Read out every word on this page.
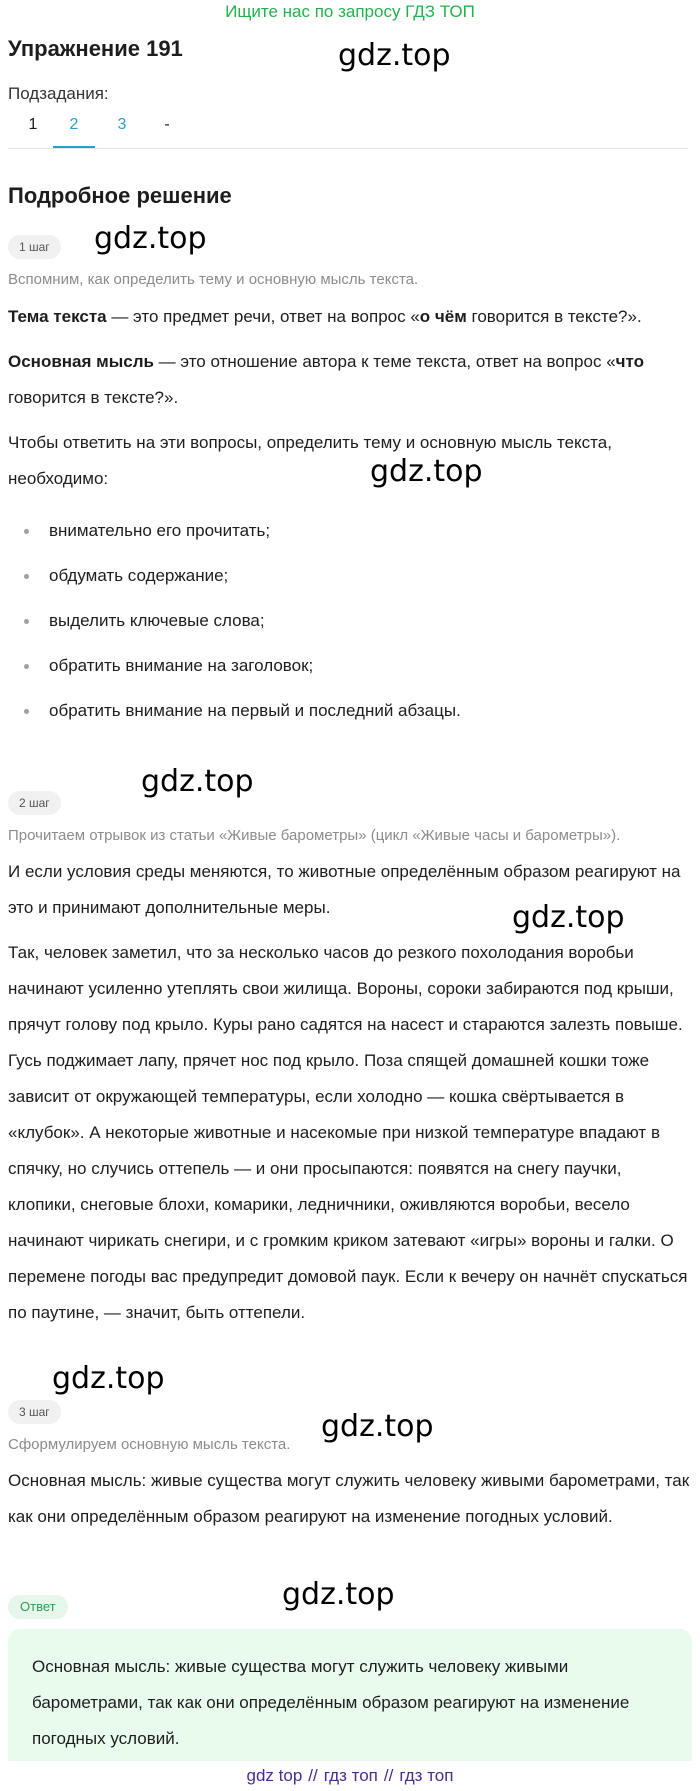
Ищите нас по запросу ГДЗ ТОП
Упражнение 191	gdz.top
Подзадания:
1	2	3	-
Подробное решение
1 шаг	gdz.top
Вспомним, как определить тему и основную мысль текста.

Тема текста — это предмет речи, ответ на вопрос «о чём говорится в тексте?».

Основная мысль — это отношение автора к теме текста, ответ на вопрос «что говорится в тексте?».

Чтобы ответить на эти вопросы, определить тему и основную мысль текста, необходимо:	gdz.top
внимательно его прочитать;
обдумать содержание;
выделить ключевые слова;
обратить внимание на заголовок;
обратить внимание на первый и последний абзацы.
2 шаг
gdz.top
Прочитаем отрывок из статьи «Живые барометры» (цикл «Живые часы и барометры»).

И если условия среды меняются, то животные определённым образом реагируют на это и принимают дополнительные меры.	gdz.top

Так, человек заметил, что за несколько часов до резкого похолодания воробьи начинают усиленно утеплять свои жилища. Вороны, сороки забираются под крыши, прячут голову под крыло. Куры рано садятся на насест и стараются залезть повыше. Гусь поджимает лапу, прячет нос под крыло. Поза спящей домашней кошки тоже зависит от окружающей температуры, если холодно — кошка свёртывается в «клубок». А некоторые животные и насекомые при низкой температуре впадают в спячку, но случись оттепель — и они просыпаются: появятся на снегу паучки, клопики, снеговые блохи, комарики, ледничники, оживляются воробьи, весело начинают чирикать снегири, и с громким криком затевают «игры» вороны и галки. О перемене погоды вас предупредит домовой паук. Если к вечеру он начнёт спускаться по паутине, — значит, быть оттепели.

gdz.top
3 шаг	gdz.top
Сформулируем основную мысль текста.

Основная мысль: живые существа могут служить человеку живыми барометрами, так как они определённым образом реагируют на изменение погодных условий.

gdz.top
Ответ

Основная мысль: живые существа могут служить человеку живыми барометрами, так как они определённым образом реагируют на изменение погодных условий.

gdz top // гдз топ // гдз топ
